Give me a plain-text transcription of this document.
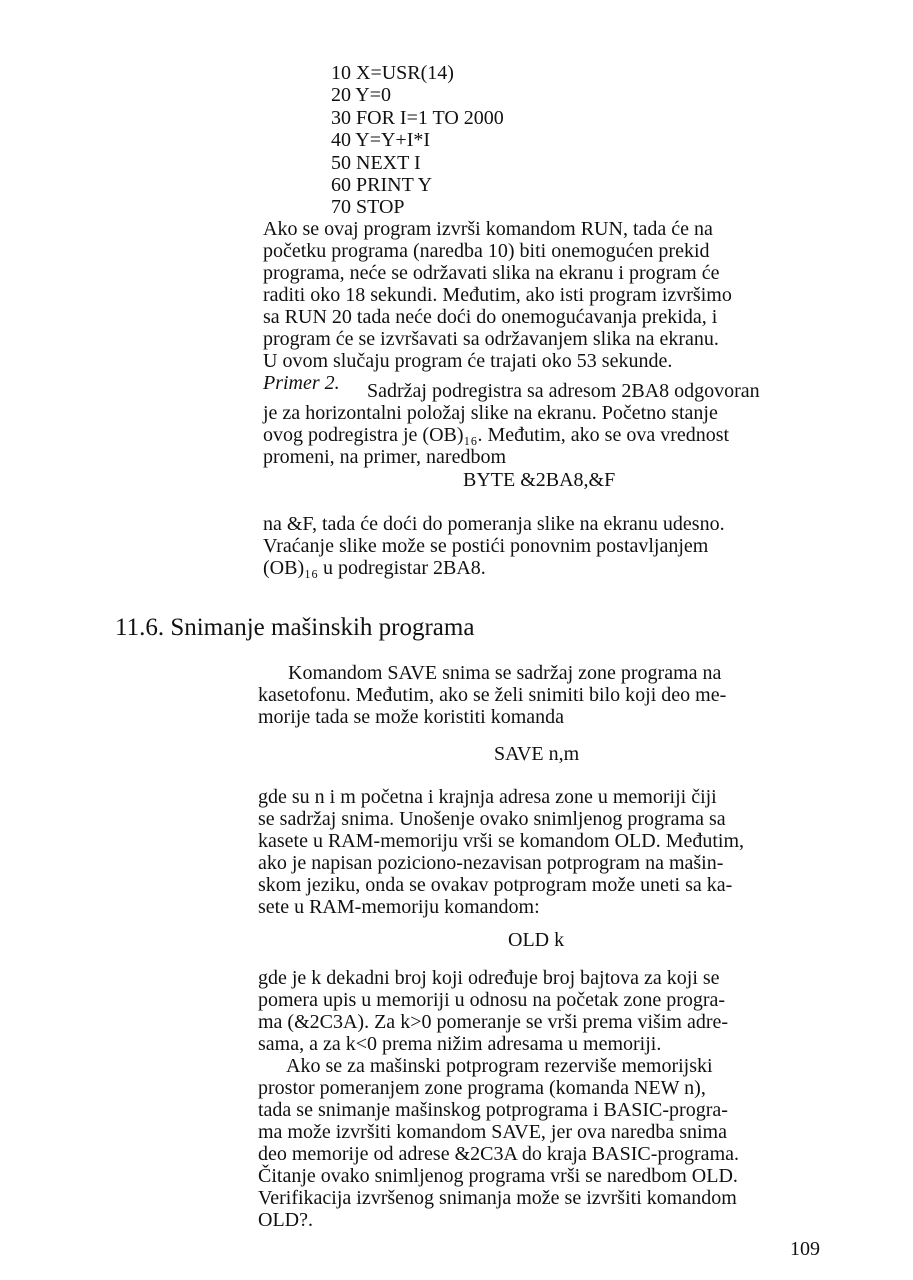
10 X=USR(14)
20 Y=0
30 FOR I=1 TO 2000
40 Y=Y+I*I
50 NEXT I
60 PRINT Y
70 STOP
Ako se ovaj program izvrši komandom RUN, tada će na
početku programa (naredba 10) biti onemogućen prekid
programa, neće se održavati slika na ekranu i program će
raditi oko 18 sekundi. Međutim, ako isti program izvršimo
sa RUN 20 tada neće doći do onemogućavanja prekida, i
program će se izvršavati sa održavanjem slika na ekranu.
U ovom slučaju program će trajati oko 53 sekunde.
Primer 2.	Sadržaj podregistra sa adresom 2BA8 odgovoran
je za horizontalni položaj slike na ekranu. Početno stanje
ovog podregistra je (OB)₁₆. Međutim, ako se ova vrednost
promeni, na primer, naredbom
BYTE &2BA8,&F
na &F, tada će doći do pomeranja slike na ekranu udesno.
Vraćanje slike može se postići ponovnim postavljanjem
(OB)₁₆ u podregistar 2BA8.
11.6. Snimanje mašinskih programa
Komandom SAVE snima se sadržaj zone programa na
kasetofonu. Međutim, ako se želi snimiti bilo koji deo me-
morije tada se može koristiti komanda
SAVE n,m
gde su n i m početna i krajnja adresa zone u memoriji čiji
se sadržaj snima. Unošenje ovako snimljenog programa sa
kasete u RAM-memoriju vrši se komandom OLD. Međutim,
ako je napisan poziciono-nezavisan potprogram na mašin-
skom jeziku, onda se ovakav potprogram može uneti sa ka-
sete u RAM-memoriju komandom:
OLD k
gde je k dekadni broj koji određuje broj bajtova za koji se
pomera upis u memoriji u odnosu na početak zone progra-
ma (&2C3A). Za k>0 pomeranje se vrši prema višim adre-
sama, a za k<0 prema nižim adresama u memoriji.
Ako se za mašinski potprogram rezerviše memorijski
prostor pomeranjem zone programa (komanda NEW n),
tada se snimanje mašinskog potprograma i BASIC-progra-
ma može izvršiti komandom SAVE, jer ova naredba snima
deo memorije od adrese &2C3A do kraja BASIC-programa.
Čitanje ovako snimljenog programa vrši se naredbom OLD.
Verifikacija izvršenog snimanja može se izvršiti komandom
OLD?.
109
